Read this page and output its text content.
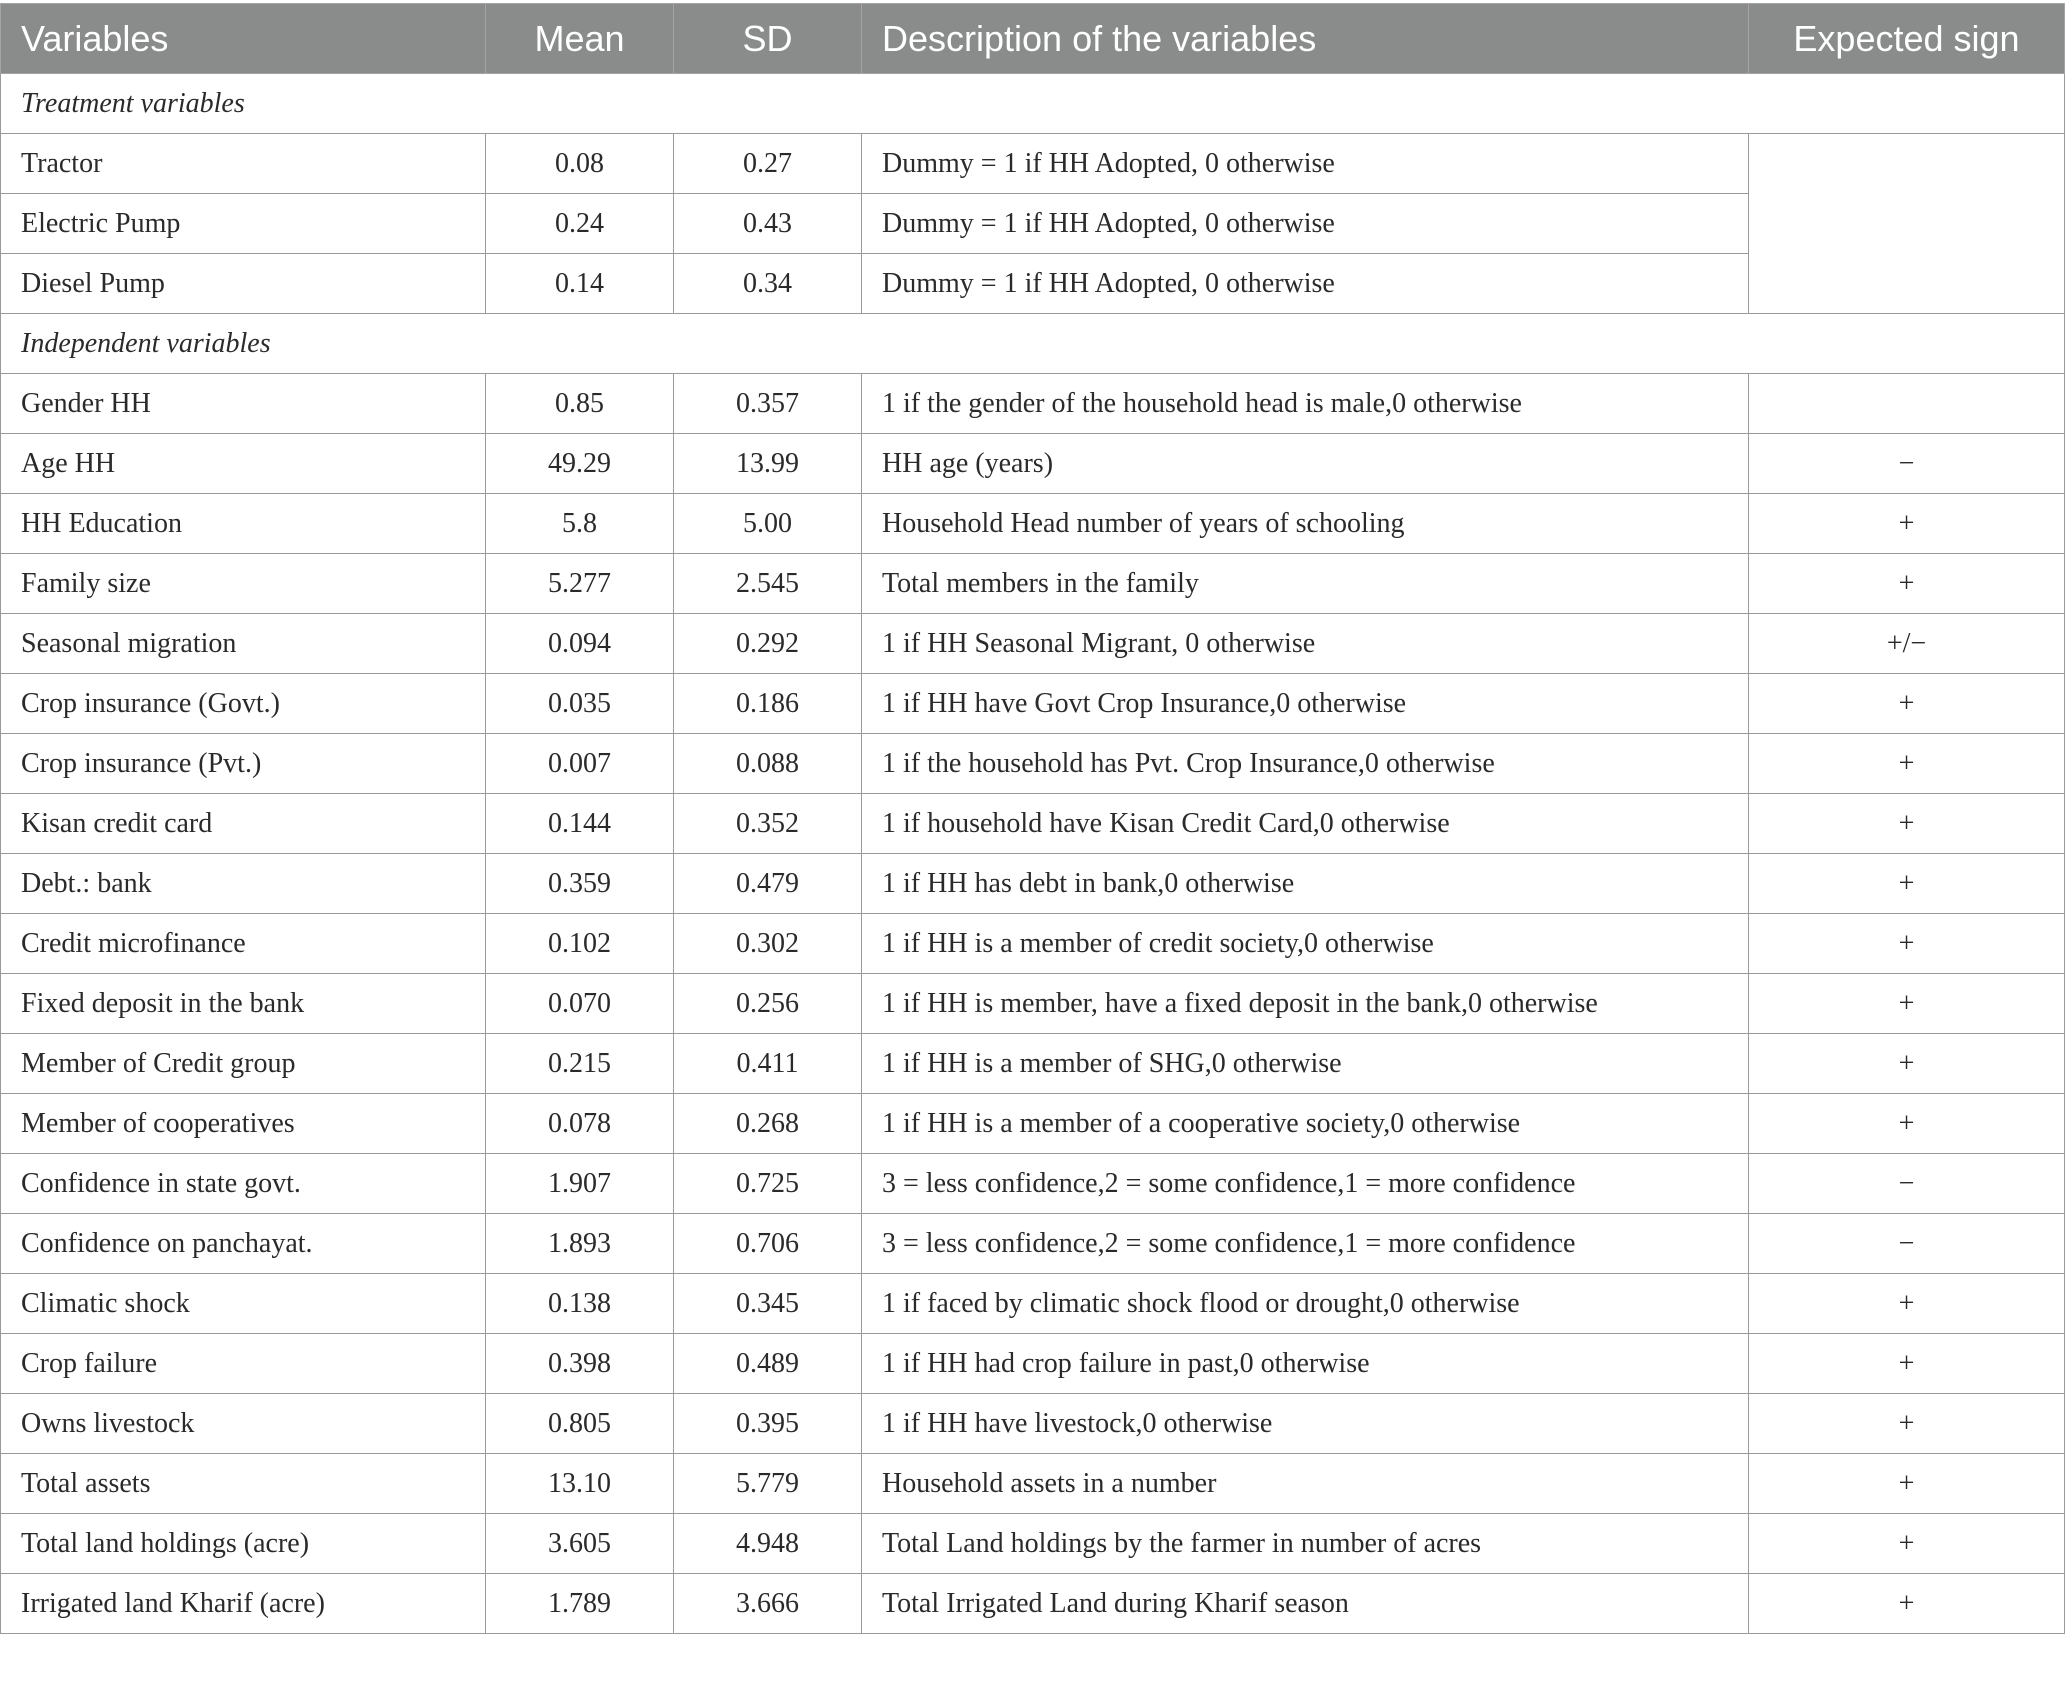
Variables	Mean	SD	Description of the variables	Expected sign
Treatment variables				
Tractor	0.08	0.27	Dummy = 1 if HH Adopted, 0 otherwise	
Electric Pump	0.24	0.43	Dummy = 1 if HH Adopted, 0 otherwise	
Diesel Pump	0.14	0.34	Dummy = 1 if HH Adopted, 0 otherwise	
Independent variables				
Gender HH	0.85	0.357	1 if the gender of the household head is male,0 otherwise	
Age HH	49.29	13.99	HH age (years)	−
HH Education	5.8	5.00	Household Head number of years of schooling	+
Family size	5.277	2.545	Total members in the family	+
Seasonal migration	0.094	0.292	1 if HH Seasonal Migrant, 0 otherwise	+/−
Crop insurance (Govt.)	0.035	0.186	1 if HH have Govt Crop Insurance,0 otherwise	+
Crop insurance (Pvt.)	0.007	0.088	1 if the household has Pvt. Crop Insurance,0 otherwise	+
Kisan credit card	0.144	0.352	1 if household have Kisan Credit Card,0 otherwise	+
Debt.: bank	0.359	0.479	1 if HH has debt in bank,0 otherwise	+
Credit microfinance	0.102	0.302	1 if HH is a member of credit society,0 otherwise	+
Fixed deposit in the bank	0.070	0.256	1 if HH is member, have a fixed deposit in the bank,0 otherwise	+
Member of Credit group	0.215	0.411	1 if HH is a member of SHG,0 otherwise	+
Member of cooperatives	0.078	0.268	1 if HH is a member of a cooperative society,0 otherwise	+
Confidence in state govt.	1.907	0.725	3 = less confidence,2 = some confidence,1 = more confidence	−
Confidence on panchayat.	1.893	0.706	3 = less confidence,2 = some confidence,1 = more confidence	−
Climatic shock	0.138	0.345	1 if faced by climatic shock flood or drought,0 otherwise	+
Crop failure	0.398	0.489	1 if HH had crop failure in past,0 otherwise	+
Owns livestock	0.805	0.395	1 if HH have livestock,0 otherwise	+
Total assets	13.10	5.779	Household assets in a number	+
Total land holdings (acre)	3.605	4.948	Total Land holdings by the farmer in number of acres	+
Irrigated land Kharif (acre)	1.789	3.666	Total Irrigated Land during Kharif season	+
